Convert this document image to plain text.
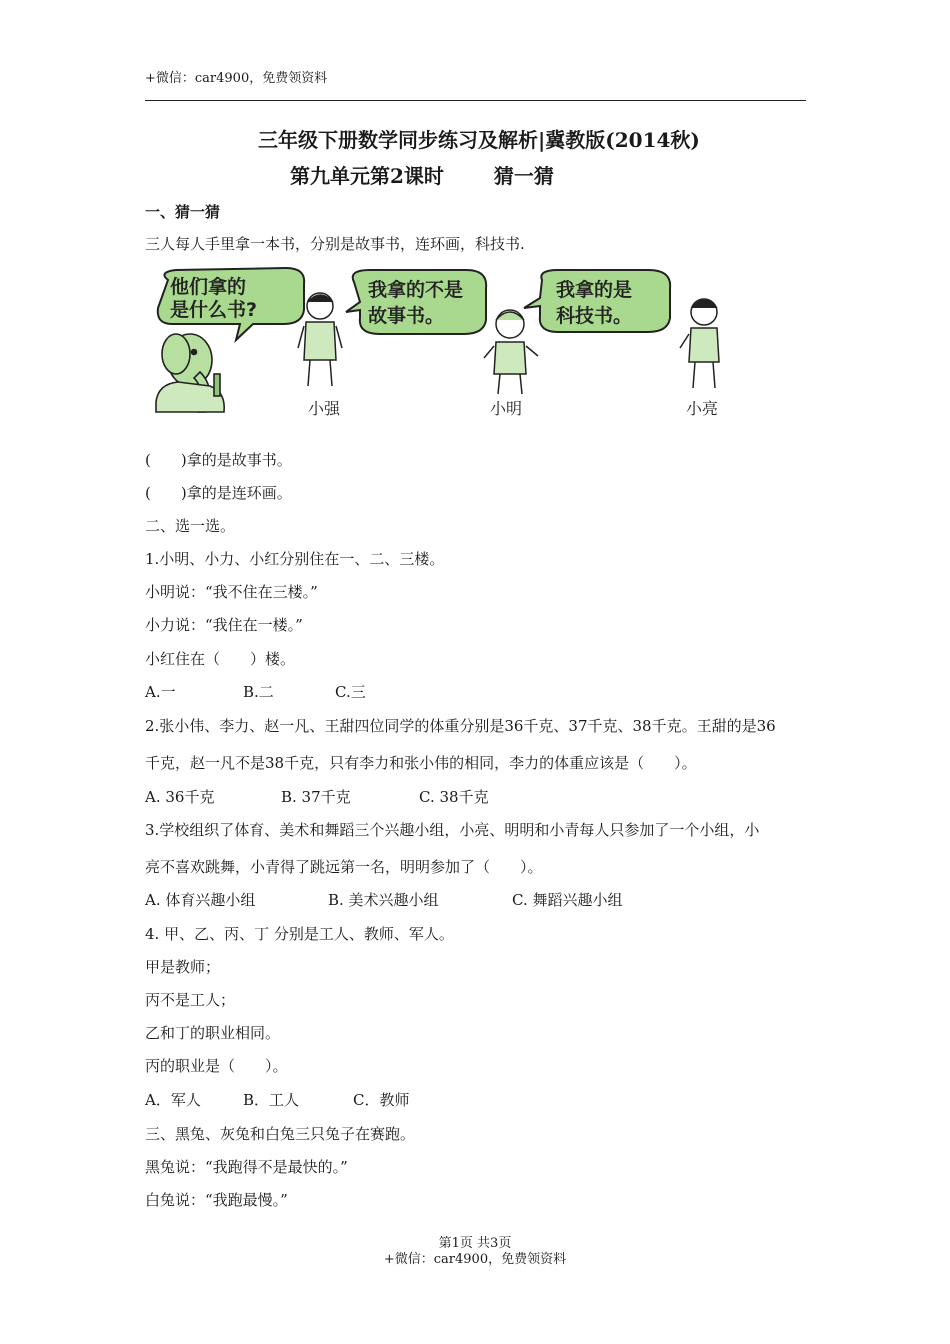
+微信：car4900，免费领资料
三年级下册数学同步练习及解析|冀教版(2014秋)
第九单元第2课时	猜一猜
一、猜一猜
三人每人手里拿一本书，分别是故事书，连环画，科技书.
他们拿的
是什么书?
小强
我拿的不是
故事书。
小明
我拿的是
科技书。
小亮
(　　)拿的是故事书。
(　　)拿的是连环画。
二、选一选。
1.小明、小力、小红分别住在一、二、三楼。
小明说：“我不住在三楼。”
小力说：“我住在一楼。”
小红住在（　　）楼。
A.一	B.二	C.三
2.张小伟、李力、赵一凡、王甜四位同学的体重分别是36千克、37千克、38千克。王甜的是36
千克，赵一凡不是38千克，只有李力和张小伟的相同，李力的体重应该是（　　）。
A. 36千克	B. 37千克	C. 38千克
3.学校组织了体育、美术和舞蹈三个兴趣小组，小亮、明明和小青每人只参加了一个小组，小
亮不喜欢跳舞，小青得了跳远第一名，明明参加了（　　）。
A. 体育兴趣小组	B. 美术兴趣小组	C. 舞蹈兴趣小组
4. 甲、乙、丙、丁 分别是工人、教师、军人。
甲是教师；
丙不是工人；
乙和丁的职业相同。
丙的职业是（　　）。
A．军人	B．工人	C．教师
三、黑兔、灰兔和白兔三只兔子在赛跑。
黑兔说：“我跑得不是最快的。”
白兔说：“我跑最慢。”
第1页 共3页
+微信：car4900，免费领资料
